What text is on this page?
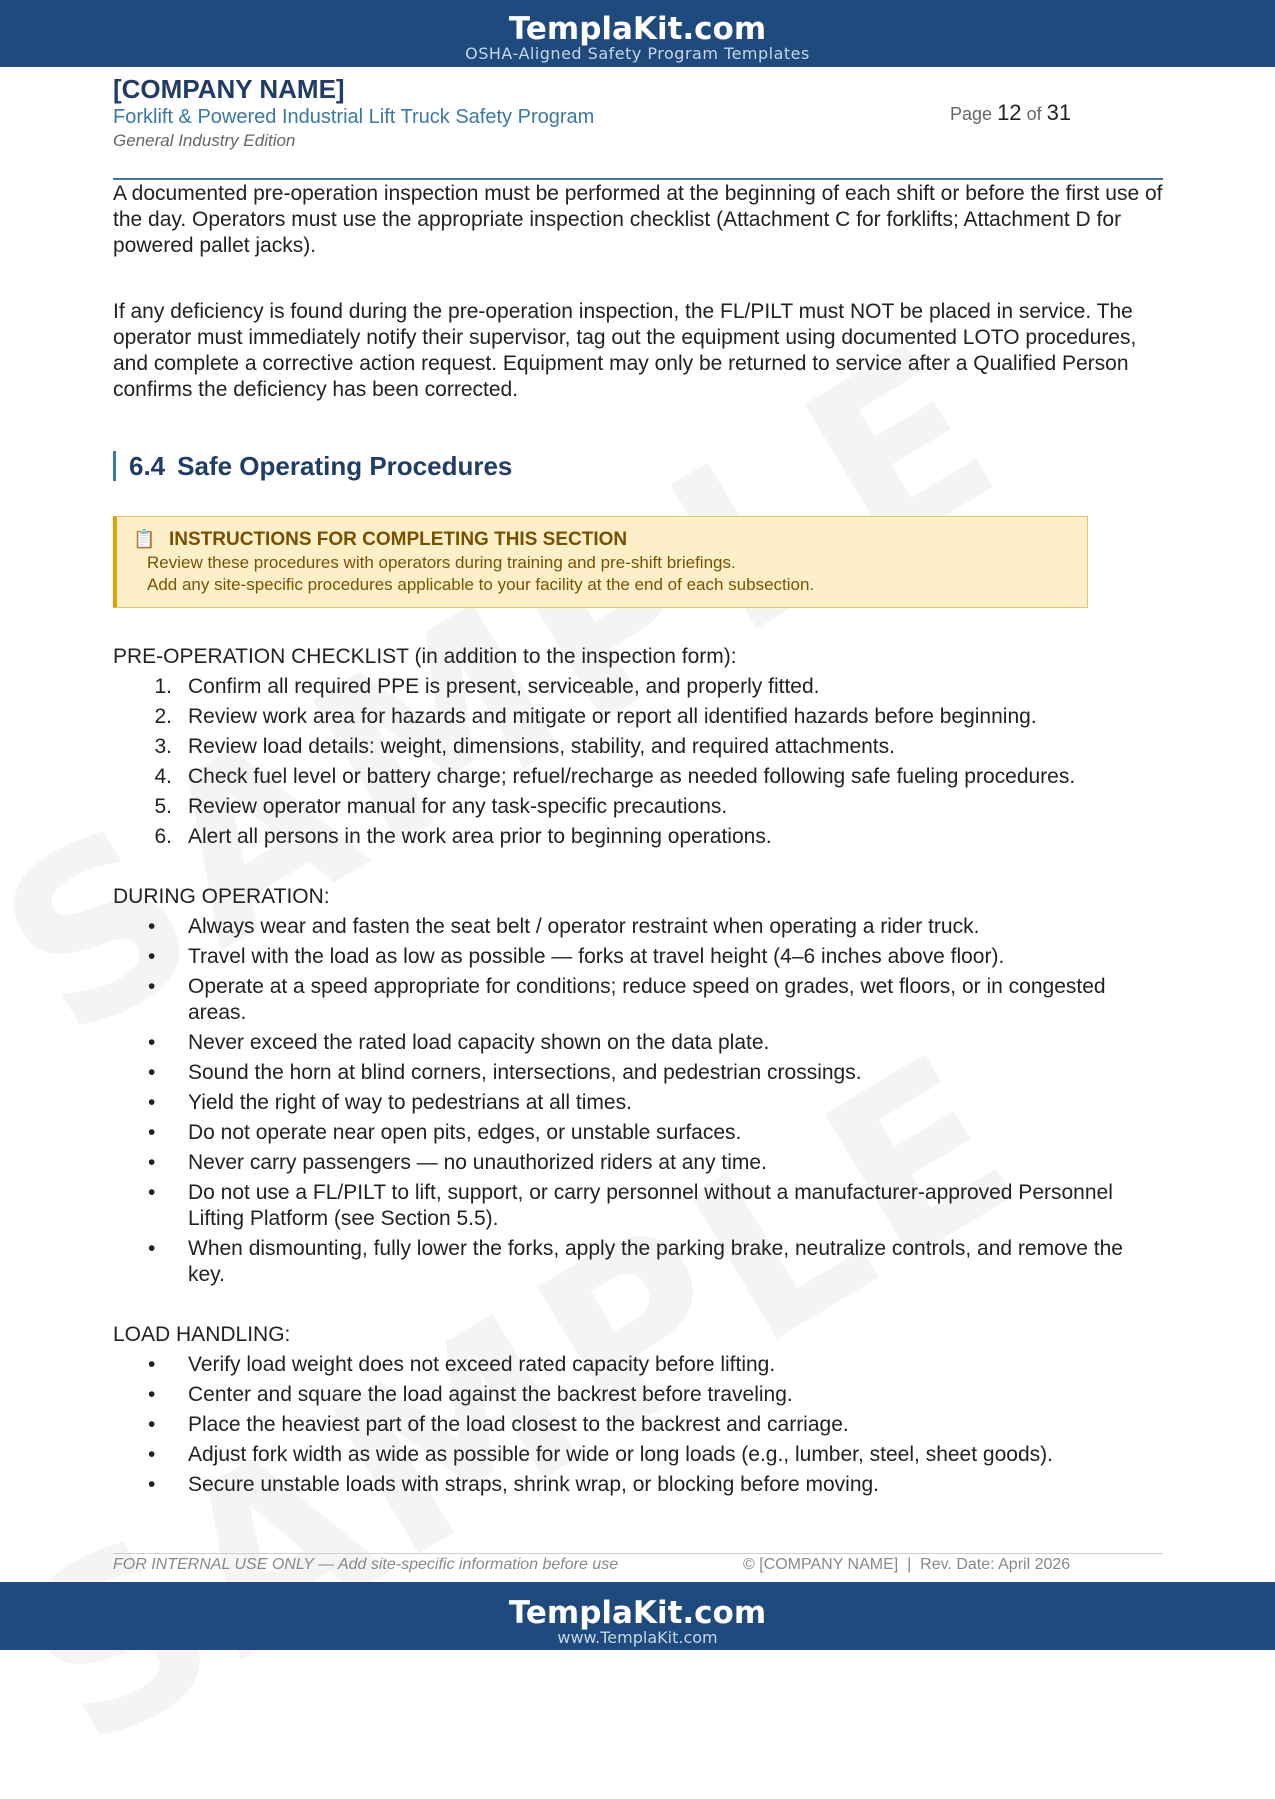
TemplaKit.com
OSHA-Aligned Safety Program Templates
[COMPANY NAME]
Forklift & Powered Industrial Lift Truck Safety Program
General Industry Edition
Page 12 of 31

A documented pre-operation inspection must be performed at the beginning of each shift or before the first use of the day. Operators must use the appropriate inspection checklist (Attachment C for forklifts; Attachment D for powered pallet jacks).

If any deficiency is found during the pre-operation inspection, the FL/PILT must NOT be placed in service. The operator must immediately notify their supervisor, tag out the equipment using documented LOTO procedures, and complete a corrective action request. Equipment may only be returned to service after a Qualified Person confirms the deficiency has been corrected.

6.4 Safe Operating Procedures
📋 INSTRUCTIONS FOR COMPLETING THIS SECTION
Review these procedures with operators during training and pre-shift briefings.
Add any site-specific procedures applicable to your facility at the end of each subsection.
PRE-OPERATION CHECKLIST (in addition to the inspection form):
1. Confirm all required PPE is present, serviceable, and properly fitted.
2. Review work area for hazards and mitigate or report all identified hazards before beginning.
3. Review load details: weight, dimensions, stability, and required attachments.
4. Check fuel level or battery charge; refuel/recharge as needed following safe fueling procedures.
5. Review operator manual for any task-specific precautions.
6. Alert all persons in the work area prior to beginning operations.
DURING OPERATION:
•	Always wear and fasten the seat belt / operator restraint when operating a rider truck.
•	Travel with the load as low as possible — forks at travel height (4–6 inches above floor).
•	Operate at a speed appropriate for conditions; reduce speed on grades, wet floors, or in congested areas.
•	Never exceed the rated load capacity shown on the data plate.
•	Sound the horn at blind corners, intersections, and pedestrian crossings.
•	Yield the right of way to pedestrians at all times.
•	Do not operate near open pits, edges, or unstable surfaces.
•	Never carry passengers — no unauthorized riders at any time.
•	Do not use a FL/PILT to lift, support, or carry personnel without a manufacturer-approved Personnel Lifting Platform (see Section 5.5).
•	When dismounting, fully lower the forks, apply the parking brake, neutralize controls, and remove the key.
LOAD HANDLING:
•	Verify load weight does not exceed rated capacity before lifting.
•	Center and square the load against the backrest before traveling.
•	Place the heaviest part of the load closest to the backrest and carriage.
•	Adjust fork width as wide as possible for wide or long loads (e.g., lumber, steel, sheet goods).
•	Secure unstable loads with straps, shrink wrap, or blocking before moving.
FOR INTERNAL USE ONLY — Add site-specific information before use	© [COMPANY NAME]  |  Rev. Date: April 2026
TemplaKit.com
www.TemplaKit.com
